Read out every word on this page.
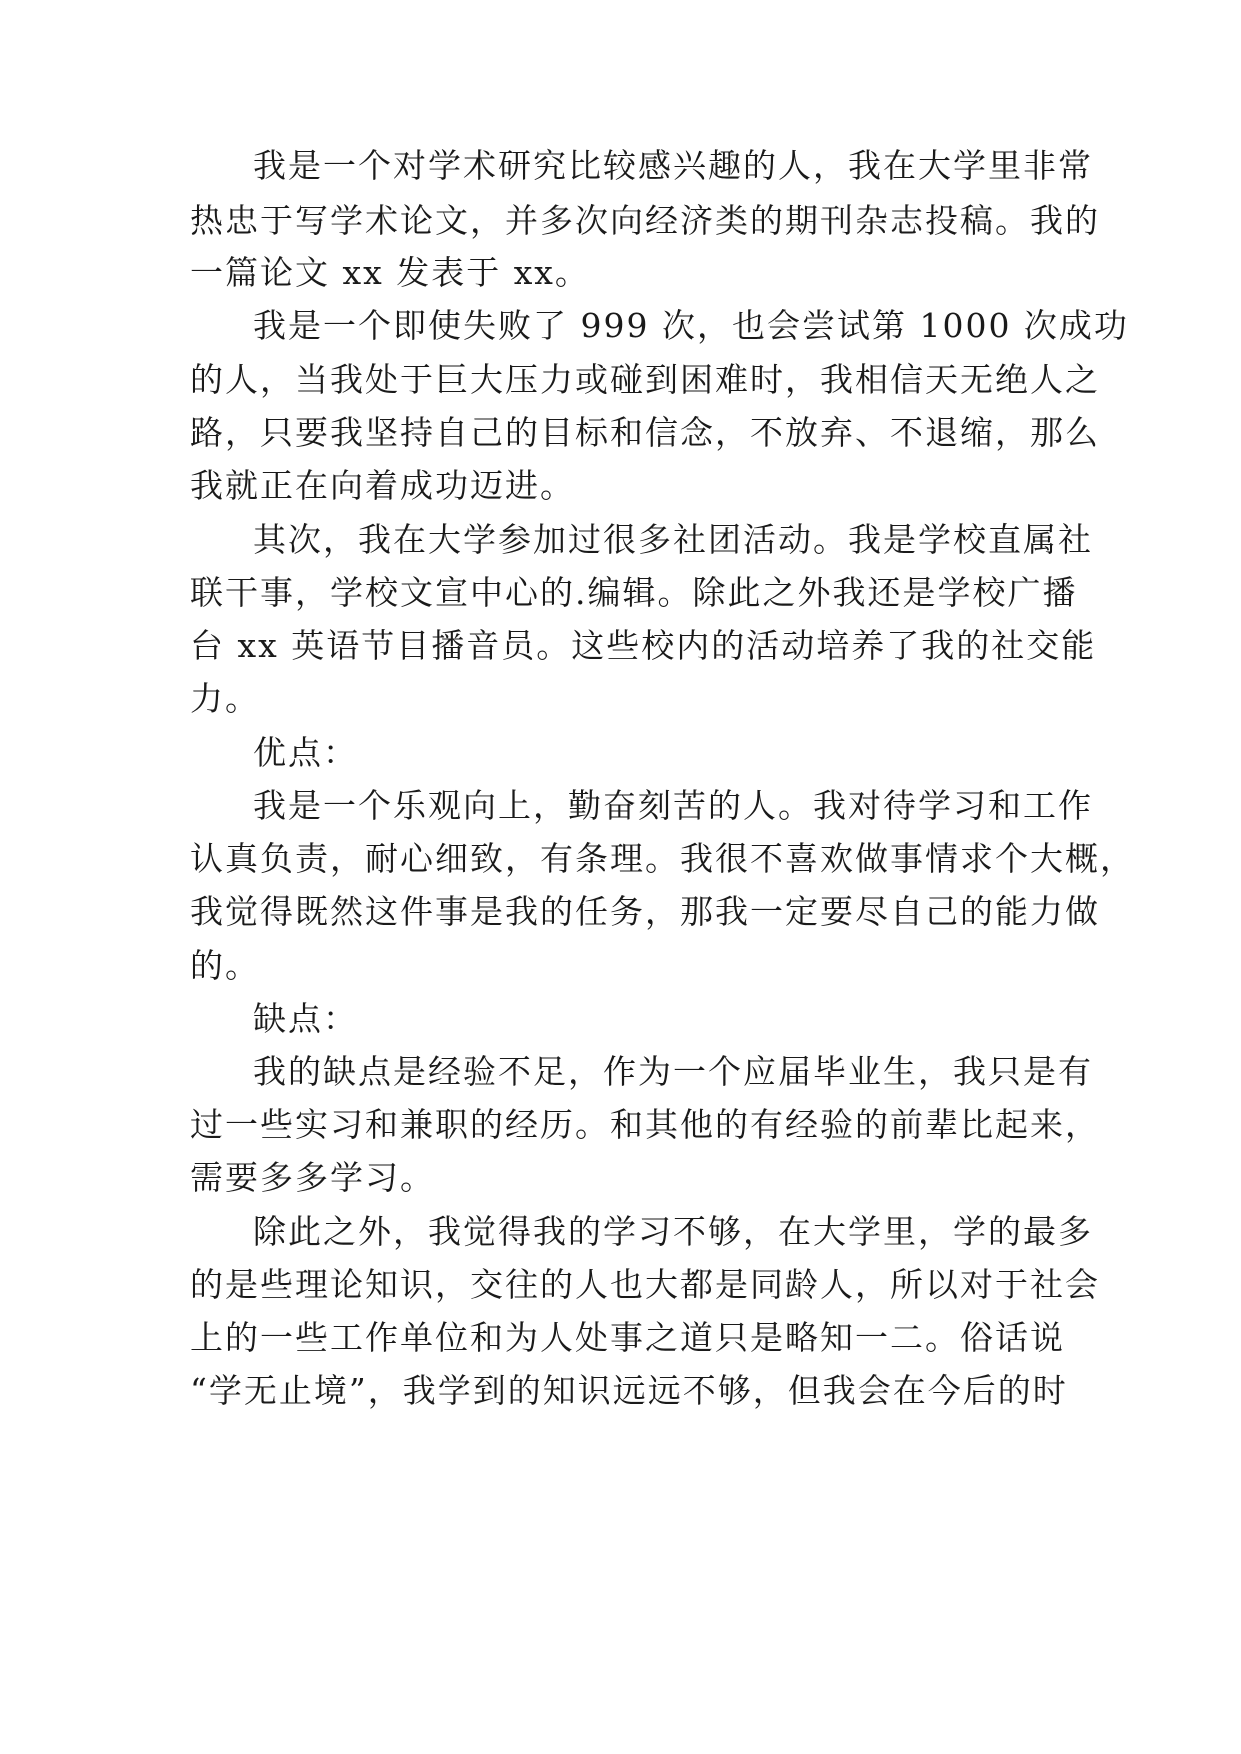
我是一个对学术研究比较感兴趣的人，我在大学里非常
热忠于写学术论文，并多次向经济类的期刊杂志投稿。我的
一篇论文 xx 发表于 xx。
我是一个即使失败了 999 次，也会尝试第 1000 次成功
的人，当我处于巨大压力或碰到困难时，我相信天无绝人之
路，只要我坚持自己的目标和信念，不放弃、不退缩，那么
我就正在向着成功迈进。
其次，我在大学参加过很多社团活动。我是学校直属社
联干事，学校文宣中心的.编辑。除此之外我还是学校广播
台 xx 英语节目播音员。这些校内的活动培养了我的社交能
力。
优点：
我是一个乐观向上，勤奋刻苦的人。我对待学习和工作
认真负责，耐心细致，有条理。我很不喜欢做事情求个大概，
我觉得既然这件事是我的任务，那我一定要尽自己的能力做
的。
缺点：
我的缺点是经验不足，作为一个应届毕业生，我只是有
过一些实习和兼职的经历。和其他的有经验的前辈比起来，
需要多多学习。
除此之外，我觉得我的学习不够，在大学里，学的最多
的是些理论知识，交往的人也大都是同龄人，所以对于社会
上的一些工作单位和为人处事之道只是略知一二。俗话说
“学无止境”，我学到的知识远远不够，但我会在今后的时
